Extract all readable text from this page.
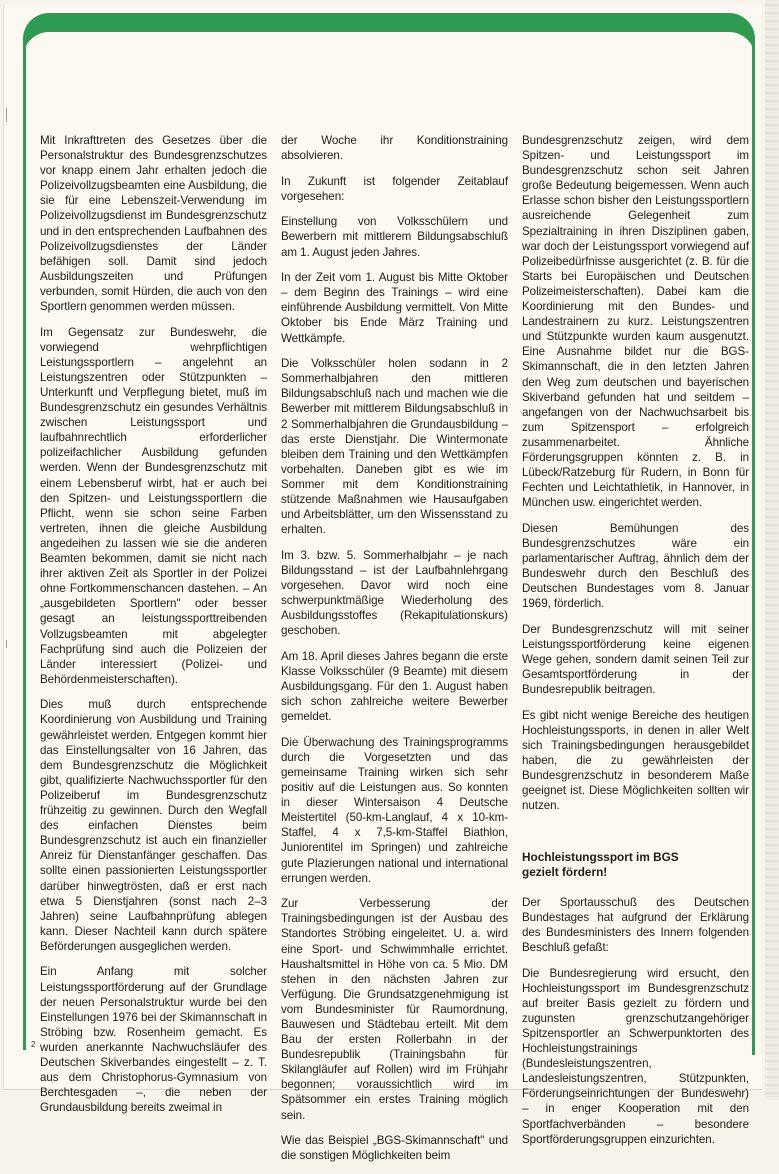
Mit Inkrafttreten des Gesetzes über die Personalstruktur des Bundesgrenzschutzes vor knapp einem Jahr erhalten jedoch die Polizeivollzugsbeamten eine Ausbildung, die sie für eine Lebenszeit-Verwendung im Polizeivollzugsdienst im Bundesgrenzschutz und in den entsprechenden Laufbahnen des Polizeivollzugsdienstes der Länder befähigen soll. Damit sind jedoch Ausbildungszeiten und Prüfungen verbunden, somit Hürden, die auch von den Sportlern genommen werden müssen.

Im Gegensatz zur Bundeswehr, die vorwiegend wehrpflichtigen Leistungssportlern – angelehnt an Leistungszentren oder Stützpunkten – Unterkunft und Verpflegung bietet, muß im Bundesgrenzschutz ein gesundes Verhältnis zwischen Leistungssport und laufbahnrechtlich erforderlicher polizeifachlicher Ausbildung gefunden werden. Wenn der Bundesgrenzschutz mit einem Lebensberuf wirbt, hat er auch bei den Spitzen- und Leistungssportlern die Pflicht, wenn sie schon seine Farben vertreten, ihnen die gleiche Ausbildung angedeihen zu lassen wie sie die anderen Beamten bekommen, damit sie nicht nach ihrer aktiven Zeit als Sportler in der Polizei ohne Fortkommenschancen dastehen. – An „ausgebildeten Sportlern" oder besser gesagt an leistungssporttreibenden Vollzugsbeamten mit abgelegter Fachprüfung sind auch die Polizeien der Länder interessiert (Polizei- und Behördenmeisterschaften).

Dies muß durch entsprechende Koordinierung von Ausbildung und Training gewährleistet werden. Entgegen kommt hier das Einstellungsalter von 16 Jahren, das dem Bundesgrenzschutz die Möglichkeit gibt, qualifizierte Nachwuchssportler für den Polizeiberuf im Bundesgrenzschutz frühzeitig zu gewinnen. Durch den Wegfall des einfachen Dienstes beim Bundesgrenzschutz ist auch ein finanzieller Anreiz für Dienstanfänger geschaffen. Das sollte einen passionierten Leistungssportler darüber hinwegtrösten, daß er erst nach etwa 5 Dienstjahren (sonst nach 2–3 Jahren) seine Laufbahnprüfung ablegen kann. Dieser Nachteil kann durch spätere Beförderungen ausgeglichen werden.

Ein Anfang mit solcher Leistungssportförderung auf der Grundlage der neuen Personalstruktur wurde bei den Einstellungen 1976 bei der Skimannschaft in Ströbing bzw. Rosenheim gemacht. Es wurden anerkannte Nachwuchsläufer des Deutschen Skiverbandes eingestellt – z. T. aus dem Christophorus-Gymnasium von Berchtesgaden –, die neben der Grundausbildung bereits zweimal in

der Woche ihr Konditionstraining absolvieren.

In Zukunft ist folgender Zeitablauf vorgesehen:

Einstellung von Volksschülern und Bewerbern mit mittlerem Bildungsabschluß am 1. August jeden Jahres.

In der Zeit vom 1. August bis Mitte Oktober – dem Beginn des Trainings – wird eine einführende Ausbildung vermittelt. Von Mitte Oktober bis Ende März Training und Wettkämpfe.

Die Volksschüler holen sodann in 2 Sommerhalbjahren den mittleren Bildungsabschluß nach und machen wie die Bewerber mit mittlerem Bildungsabschluß in 2 Sommerhalbjahren die Grundausbildung – das erste Dienstjahr. Die Wintermonate bleiben dem Training und den Wettkämpfen vorbehalten. Daneben gibt es wie im Sommer mit dem Konditionstraining stützende Maßnahmen wie Hausaufgaben und Arbeitsblätter, um den Wissensstand zu erhalten.

Im 3. bzw. 5. Sommerhalbjahr – je nach Bildungsstand – ist der Laufbahnlehrgang vorgesehen. Davor wird noch eine schwerpunktmäßige Wiederholung des Ausbildungsstoffes (Rekapitulationskurs) geschoben.

Am 18. April dieses Jahres begann die erste Klasse Volksschüler (9 Beamte) mit diesem Ausbildungsgang. Für den 1. August haben sich schon zahlreiche weitere Bewerber gemeldet.

Die Überwachung des Trainingsprogramms durch die Vorgesetzten und das gemeinsame Training wirken sich sehr positiv auf die Leistungen aus. So konnten in dieser Wintersaison 4 Deutsche Meistertitel (50-km-Langlauf, 4 x 10-km-Staffel, 4 x 7,5-km-Staffel Biathlon, Juniorentitel im Springen) und zahlreiche gute Plazierungen national und international errungen werden.

Zur Verbesserung der Trainingsbedingungen ist der Ausbau des Standortes Ströbing eingeleitet. U. a. wird eine Sport- und Schwimmhalle errichtet. Haushaltsmittel in Höhe von ca. 5 Mio. DM stehen in den nächsten Jahren zur Verfügung. Die Grundsatzgenehmigung ist vom Bundesminister für Raumordnung, Bauwesen und Städtebau erteilt. Mit dem Bau der ersten Rollerbahn in der Bundesrepublik (Trainingsbahn für Skilangläufer auf Rollen) wird im Frühjahr begonnen; voraussichtlich wird im Spätsommer ein erstes Training möglich sein.

Wie das Beispiel „BGS-Skimannschaft" und die sonstigen Möglichkeiten beim

Bundesgrenzschutz zeigen, wird dem Spitzen- und Leistungssport im Bundesgrenzschutz schon seit Jahren große Bedeutung beigemessen. Wenn auch Erlasse schon bisher den Leistungssportlern ausreichende Gelegenheit zum Spezialtraining in ihren Disziplinen gaben, war doch der Leistungssport vorwiegend auf Polizeibedürfnisse ausgerichtet (z. B. für die Starts bei Europäischen und Deutschen Polizeimeisterschaften). Dabei kam die Koordinierung mit den Bundes- und Landestrainern zu kurz. Leistungszentren und Stützpunkte wurden kaum ausgenutzt. Eine Ausnahme bildet nur die BGS-Skimannschaft, die in den letzten Jahren den Weg zum deutschen und bayerischen Skiverband gefunden hat und seitdem – angefangen von der Nachwuchsarbeit bis zum Spitzensport – erfolgreich zusammenarbeitet. Ähnliche Förderungsgruppen könnten z. B. in Lübeck/Ratzeburg für Rudern, in Bonn für Fechten und Leichtathletik, in Hannover, in München usw. eingerichtet werden.

Diesen Bemühungen des Bundesgrenzschutzes wäre ein parlamentarischer Auftrag, ähnlich dem der Bundeswehr durch den Beschluß des Deutschen Bundestages vom 8. Januar 1969, förderlich.

Der Bundesgrenzschutz will mit seiner Leistungssportförderung keine eigenen Wege gehen, sondern damit seinen Teil zur Gesamtsportförderung in der Bundesrepublik beitragen.

Es gibt nicht wenige Bereiche des heutigen Hochleistungssports, in denen in aller Welt sich Trainingsbedingungen herausgebildet haben, die zu gewährleisten der Bundesgrenzschutz in besonderem Maße geeignet ist. Diese Möglichkeiten sollten wir nutzen.

Hochleistungssport im BGS
gezielt fördern!

Der Sportausschuß des Deutschen Bundestages hat aufgrund der Erklärung des Bundesministers des Innern folgenden Beschluß gefaßt:

Die Bundesregierung wird ersucht, den Hochleistungssport im Bundesgrenzschutz auf breiter Basis gezielt zu fördern und zugunsten grenzschutzangehöriger Spitzensportler an Schwerpunktorten des Hochleistungstrainings (Bundesleistungszentren, Landesleistungszentren, Stützpunkten, Förderungseinrichtungen der Bundeswehr) – in enger Kooperation mit den Sportfachverbänden – besondere Sportförderungsgruppen einzurichten.

2
